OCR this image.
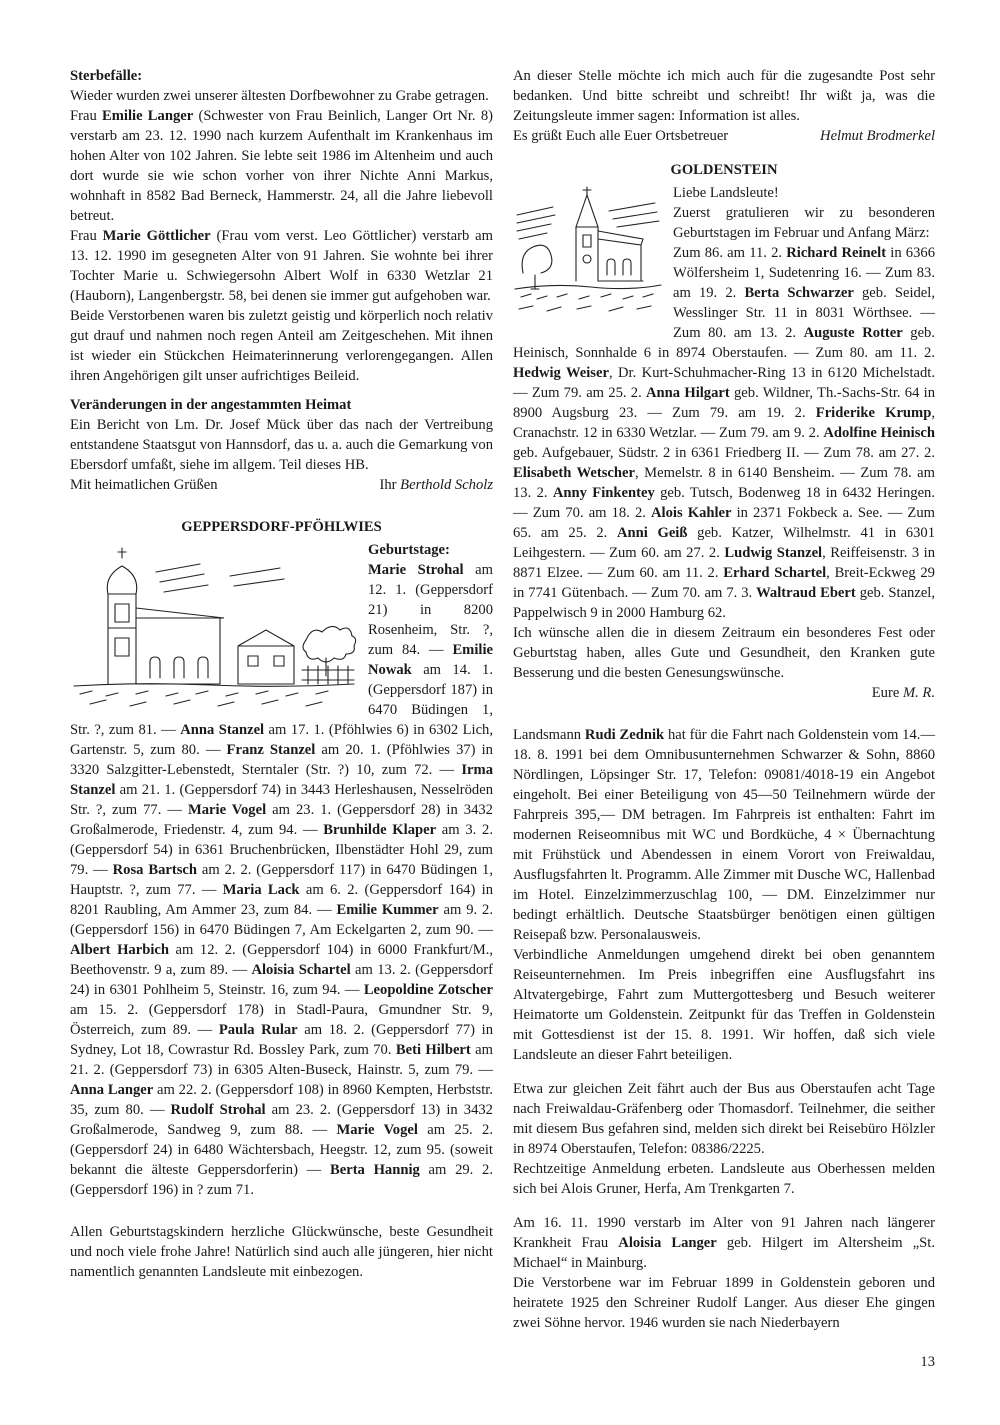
Sterbefälle:

Wieder wurden zwei unserer ältesten Dorfbewohner zu Grabe getragen.

Frau Emilie Langer (Schwester von Frau Beinlich, Langer Ort Nr. 8) verstarb am 23. 12. 1990 nach kurzem Aufenthalt im Krankenhaus im hohen Alter von 102 Jahren. Sie lebte seit 1986 im Altenheim und auch dort wurde sie wie schon vorher von ihrer Nichte Anni Markus, wohnhaft in 8582 Bad Berneck, Hammerstr. 24, all die Jahre liebevoll betreut.

Frau Marie Göttlicher (Frau vom verst. Leo Göttlicher) verstarb am 13. 12. 1990 im gesegneten Alter von 91 Jahren. Sie wohnte bei ihrer Tochter Marie u. Schwiegersohn Albert Wolf in 6330 Wetzlar 21 (Hauborn), Langenbergstr. 58, bei denen sie immer gut aufgehoben war.

Beide Verstorbenen waren bis zuletzt geistig und körperlich noch relativ gut drauf und nahmen noch regen Anteil am Zeitgeschehen. Mit ihnen ist wieder ein Stückchen Heimaterinnerung verlorengegangen. Allen ihren Angehörigen gilt unser aufrichtiges Beileid.

Veränderungen in der angestammten Heimat

Ein Bericht von Lm. Dr. Josef Mück über das nach der Vertreibung entstandene Staatsgut von Hannsdorf, das u. a. auch die Gemarkung von Ebersdorf umfaßt, siehe im allgem. Teil dieses HB.

Mit heimatlichen Grüßen	Ihr Berthold Scholz
GEPPERSDORF-PFÖHLWIES
Geburtstage:

Marie Strohal am 12. 1. (Geppersdorf 21) in 8200 Rosenheim, Str. ?, zum 84. — Emilie Nowak am 14. 1. (Geppersdorf 187) in 6470 Büdingen 1, Str. ?, zum 81. — Anna Stanzel am 17. 1. (Pföhlwies 6) in 6302 Lich, Gartenstr. 5, zum 80. — Franz Stanzel am 20. 1. (Pföhlwies 37) in 3320 Salzgitter-Lebenstedt, Sterntaler (Str. ?) 10, zum 72. — Irma Stanzel am 21. 1. (Geppersdorf 74) in 3443 Herleshausen, Nesselröden Str. ?, zum 77. — Marie Vogel am 23. 1. (Geppersdorf 28) in 3432 Großalmerode, Friedenstr. 4, zum 94. — Brunhilde Klaper am 3. 2. (Geppersdorf 54) in 6361 Bruchenbrücken, Ilbenstädter Hohl 29, zum 79. — Rosa Bartsch am 2. 2. (Geppersdorf 117) in 6470 Büdingen 1, Hauptstr. ?, zum 77. — Maria Lack am 6. 2. (Geppersdorf 164) in 8201 Raubling, Am Ammer 23, zum 84. — Emilie Kummer am 9. 2. (Geppersdorf 156) in 6470 Büdingen 7, Am Eckelgarten 2, zum 90. — Albert Harbich am 12. 2. (Geppersdorf 104) in 6000 Frankfurt/M., Beethovenstr. 9 a, zum 89. — Aloisia Schartel am 13. 2. (Geppersdorf 24) in 6301 Pohlheim 5, Steinstr. 16, zum 94. — Leopoldine Zotscher am 15. 2. (Geppersdorf 178) in Stadl-Paura, Gmundner Str. 9, Österreich, zum 89. — Paula Rular am 18. 2. (Geppersdorf 77) in Sydney, Lot 18, Cowrastur Rd. Bossley Park, zum 70. Beti Hilbert am 21. 2. (Geppersdorf 73) in 6305 Alten-Buseck, Hainstr. 5, zum 79. — Anna Langer am 22. 2. (Geppersdorf 108) in 8960 Kempten, Herbststr. 35, zum 80. — Rudolf Strohal am 23. 2. (Geppersdorf 13) in 3432 Großalmerode, Sandweg 9, zum 88. — Marie Vogel am 25. 2. (Geppersdorf 24) in 6480 Wächtersbach, Heegstr. 12, zum 95. (soweit bekannt die älteste Geppersdorferin) — Berta Hannig am 29. 2. (Geppersdorf 196) in ? zum 71.

Allen Geburtstagskindern herzliche Glückwünsche, beste Gesundheit und noch viele frohe Jahre! Natürlich sind auch alle jüngeren, hier nicht namentlich genannten Landsleute mit einbezogen.

An dieser Stelle möchte ich mich auch für die zugesandte Post sehr bedanken. Und bitte schreibt und schreibt! Ihr wißt ja, was die Zeitungsleute immer sagen: Information ist alles.

Es grüßt Euch alle Euer Ortsbetreuer	Helmut Brodmerkel
GOLDENSTEIN
Liebe Landsleute!

Zuerst gratulieren wir zu besonderen Geburtstagen im Februar und Anfang März:

Zum 86. am 11. 2. Richard Reinelt in 6366 Wölfersheim 1, Sudetenring 16. — Zum 83. am 19. 2. Berta Schwarzer geb. Seidel, Wesslinger Str. 11 in 8031 Wörthsee. — Zum 80. am 13. 2. Auguste Rotter geb. Heinisch, Sonnhalde 6 in 8974 Oberstaufen. — Zum 80. am 11. 2. Hedwig Weiser, Dr. Kurt-Schuhmacher-Ring 13 in 6120 Michelstadt. — Zum 79. am 25. 2. Anna Hilgart geb. Wildner, Th.-Sachs-Str. 64 in 8900 Augsburg 23. — Zum 79. am 19. 2. Friderike Krump, Cranachstr. 12 in 6330 Wetzlar. — Zum 79. am 9. 2. Adolfine Heinisch geb. Aufgebauer, Südstr. 2 in 6361 Friedberg II. — Zum 78. am 27. 2. Elisabeth Wetscher, Memelstr. 8 in 6140 Bensheim. — Zum 78. am 13. 2. Anny Finkentey geb. Tutsch, Bodenweg 18 in 6432 Heringen. — Zum 70. am 18. 2. Alois Kahler in 2371 Fokbeck a. See. — Zum 65. am 25. 2. Anni Geiß geb. Katzer, Wilhelmstr. 41 in 6301 Leihgestern. — Zum 60. am 27. 2. Ludwig Stanzel, Reiffeisenstr. 3 in 8871 Elzee. — Zum 60. am 11. 2. Erhard Schartel, Breit-Eckweg 29 in 7741 Gütenbach. — Zum 70. am 7. 3. Waltraud Ebert geb. Stanzel, Pappelwisch 9 in 2000 Hamburg 62.

Ich wünsche allen die in diesem Zeitraum ein besonderes Fest oder Geburtstag haben, alles Gute und Gesundheit, den Kranken gute Besserung und die besten Genesungswünsche.

Eure M. R.

Landsmann Rudi Zednik hat für die Fahrt nach Goldenstein vom 14.—18. 8. 1991 bei dem Omnibusunternehmen Schwarzer & Sohn, 8860 Nördlingen, Löpsinger Str. 17, Telefon: 09081/4018-19 ein Angebot eingeholt. Bei einer Beteiligung von 45—50 Teilnehmern würde der Fahrpreis 395,— DM betragen. Im Fahrpreis ist enthalten: Fahrt im modernen Reiseomnibus mit WC und Bordküche, 4 × Übernachtung mit Frühstück und Abendessen in einem Vorort von Freiwaldau, Ausflugsfahrten lt. Programm. Alle Zimmer mit Dusche WC, Hallenbad im Hotel. Einzelzimmerzuschlag 100, — DM. Einzelzimmer nur bedingt erhältlich. Deutsche Staatsbürger benötigen einen gültigen Reisepaß bzw. Personalausweis.

Verbindliche Anmeldungen umgehend direkt bei oben genanntem Reiseunternehmen. Im Preis inbegriffen eine Ausflugsfahrt ins Altvatergebirge, Fahrt zum Muttergottesberg und Besuch weiterer Heimatorte um Goldenstein. Zeitpunkt für das Treffen in Goldenstein mit Gottesdienst ist der 15. 8. 1991. Wir hoffen, daß sich viele Landsleute an dieser Fahrt beteiligen.

Etwa zur gleichen Zeit fährt auch der Bus aus Oberstaufen acht Tage nach Freiwaldau-Gräfenberg oder Thomasdorf. Teilnehmer, die seither mit diesem Bus gefahren sind, melden sich direkt bei Reisebüro Hölzler in 8974 Oberstaufen, Telefon: 08386/2225.

Rechtzeitige Anmeldung erbeten. Landsleute aus Oberhessen melden sich bei Alois Gruner, Herfa, Am Trenkgarten 7.

Am 16. 11. 1990 verstarb im Alter von 91 Jahren nach längerer Krankheit Frau Aloisia Langer geb. Hilgert im Altersheim „St. Michael“ in Mainburg.

Die Verstorbene war im Februar 1899 in Goldenstein geboren und heiratete 1925 den Schreiner Rudolf Langer. Aus dieser Ehe gingen zwei Söhne hervor. 1946 wurden sie nach Niederbayern

13
